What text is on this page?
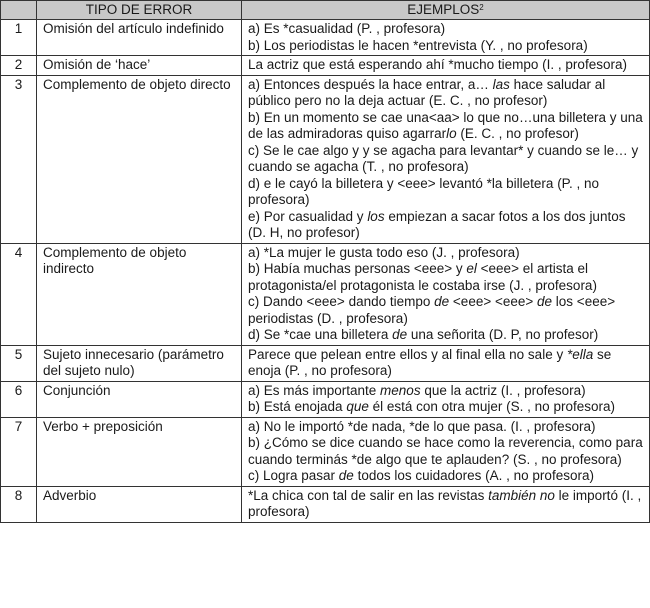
	TIPO DE ERROR	EJEMPLOS$^2$
1	Omisión del artículo indefinido	a) Es *casualidad (P. , profesora)
b) Los periodistas le hacen *entrevista (Y. , no profesora)

2	Omisión de ‘hace’	La actriz que está esperando ahí *mucho tiempo (I. , profesora)

3	Complemento de objeto directo	a) Entonces después la hace entrar, a… las hace saludar al público pero no la deja actuar (E. C. , no profesor)
b) En un momento se cae una<aa> lo que no…una billetera y una de las admiradoras quiso agarrarlo (E. C. , no profesor)
c) Se le cae algo y y se agacha para levantar* y cuando se le… y cuando se agacha (T. , no profesora)
d) e le cayó la billetera y <eee> levantó *la billetera (P. , no profesora)
e) Por casualidad y los empiezan a sacar fotos a los dos juntos (D. H, no profesor)

4	Complemento de objeto indirecto	a) *La mujer le gusta todo eso (J. , profesora)
b) Había muchas personas <eee> y el <eee> el artista el protagonista/el protagonista le costaba irse (J. , profesora)
c) Dando <eee> dando tiempo de <eee> <eee> de los <eee> periodistas (D. , profesora)
d) Se *cae una billetera de una señorita (D. P, no profesor)

5	Sujeto innecesario (parámetro del sujeto nulo)	Parece que pelean entre ellos y al final ella no sale y *ella se enoja (P. , no profesora)

6	Conjunción	a) Es más importante menos que la actriz (I. , profesora)
b) Está enojada que él está con otra mujer (S. , no profesora)

7	Verbo + preposición	a) No le importó *de nada, *de lo que pasa. (I. , profesora)
b) ¿Cómo se dice cuando se hace como la reverencia, como para cuando terminás *de algo que te aplauden? (S. , no profesora)
c) Logra pasar de todos los cuidadores (A. , no profesora)

8	Adverbio	*La chica con tal de salir en las revistas también no le importó (I. , profesora)
